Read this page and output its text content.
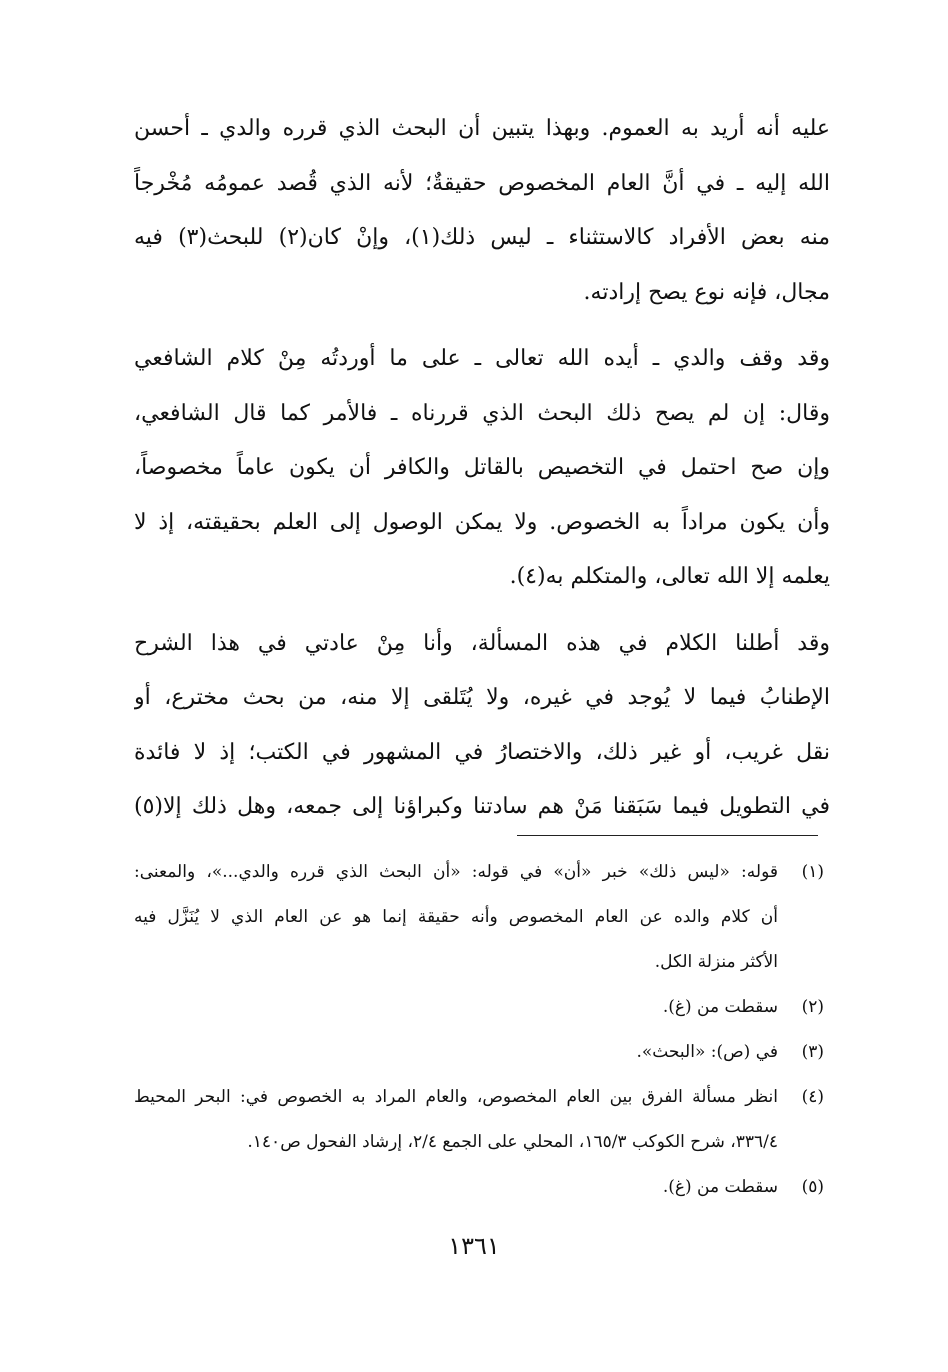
عليه أنه أريد به العموم. وبهذا يتبين أن البحث الذي قرره والدي ـ أحسن
الله إليه ـ في أنَّ العام المخصوص حقيقةٌ؛ لأنه الذي قُصد عمومُه مُخْرجاً
منه بعض الأفراد كالاستثناء ـ ليس ذلك(١)، وإنْ كان(٢) للبحث(٣) فيه
مجال، فإنه نوع يصح إرادته.
وقد وقف والدي ـ أيده الله تعالى ـ على ما أوردتُه مِنْ كلام الشافعي
وقال: إن لم يصح ذلك البحث الذي قررناه ـ فالأمر كما قال الشافعي،
وإن صح احتمل في التخصيص بالقاتل والكافر أن يكون عاماً مخصوصاً،
وأن يكون مراداً به الخصوص. ولا يمكن الوصول إلى العلم بحقيقته، إذ لا
يعلمه إلا الله تعالى، والمتكلم به(٤).
وقد أطلنا الكلام في هذه المسألة، وأنا مِنْ عادتي في هذا الشرح
الإطنابُ فيما لا يُوجد في غيره، ولا يُتَلقى إلا منه، من بحث مخترع، أو
نقل غريب، أو غير ذلك، والاختصارُ في المشهور في الكتب؛ إذ لا فائدة
في التطويل فيما سَبَقنا مَنْ هم سادتنا وكبراؤنا إلى جمعه، وهل ذلك إلا(٥)
(١)
قوله: «ليس ذلك» خبر «أن» في قوله: «أن البحث الذي قرره والدي...»، والمعنى:
أن كلام والده عن العام المخصوص وأنه حقيقة إنما هو عن العام الذي لا يُنَزَّل فيه
الأكثر منزلة الكل.
(٢)
سقطت من (غ).
(٣)
في (ص): «البحث».
(٤)
انظر مسألة الفرق بين العام المخصوص، والعام المراد به الخصوص في: البحر المحيط
٣٣٦/٤، شرح الكوكب ١٦٥/٣، المحلي على الجمع ٢/٤، إرشاد الفحول ص١٤٠.
(٥)
سقطت من (غ).
١٣٦١
